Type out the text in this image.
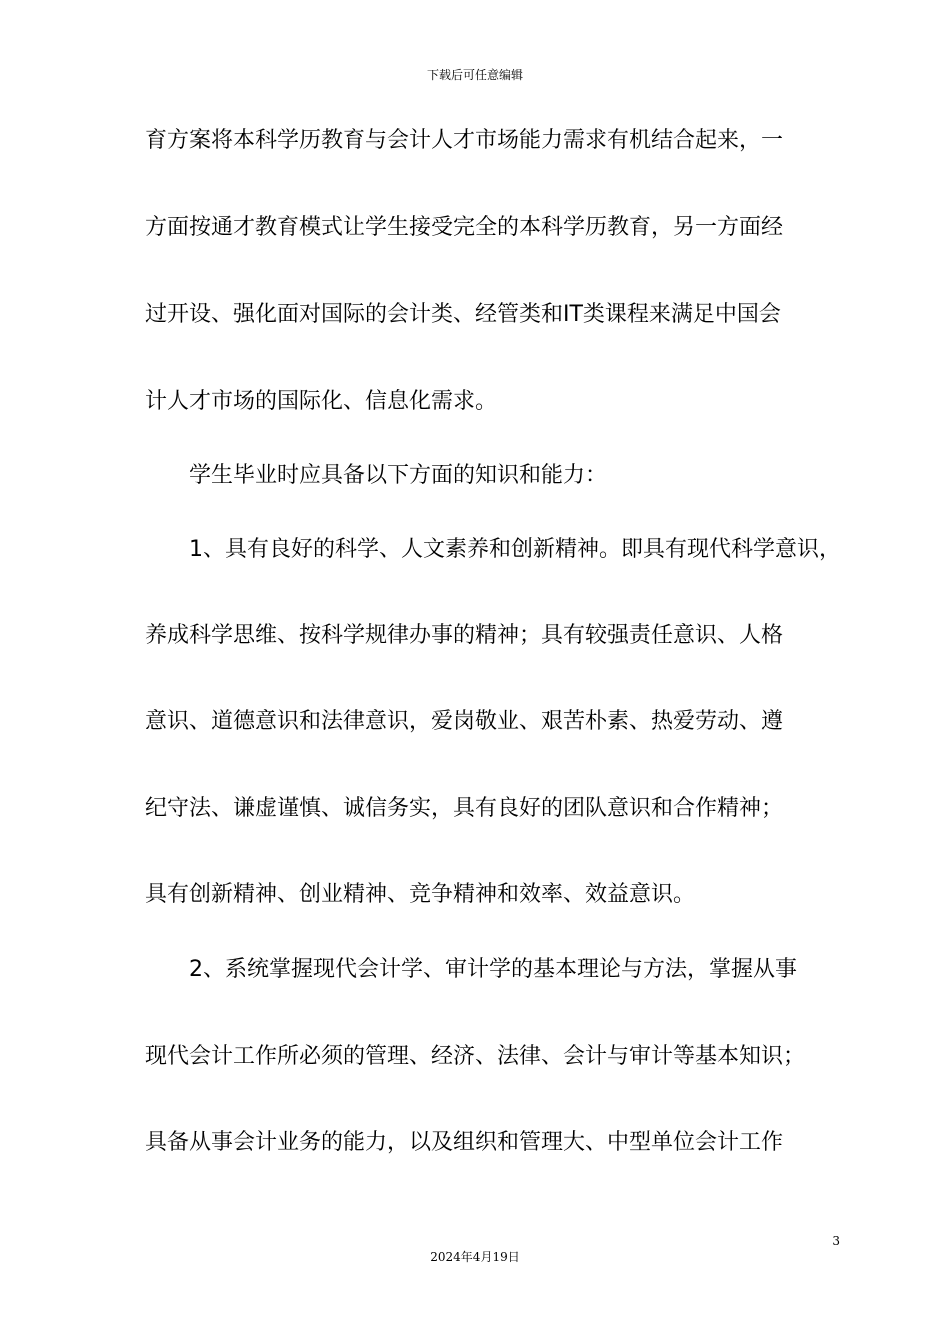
下载后可任意编辑
育方案将本科学历教育与会计人才市场能力需求有机结合起来，一
方面按通才教育模式让学生接受完全的本科学历教育，另一方面经
过开设、强化面对国际的会计类、经管类和IT类课程来满足中国会
计人才市场的国际化、信息化需求。
　　学生毕业时应具备以下方面的知识和能力：
　　1、具有良好的科学、人文素养和创新精神。即具有现代科学意识，
养成科学思维、按科学规律办事的精神；具有较强责任意识、人格
意识、道德意识和法律意识，爱岗敬业、艰苦朴素、热爱劳动、遵
纪守法、谦虚谨慎、诚信务实，具有良好的团队意识和合作精神；
具有创新精神、创业精神、竞争精神和效率、效益意识。
　　2、系统掌握现代会计学、审计学的基本理论与方法，掌握从事
现代会计工作所必须的管理、经济、法律、会计与审计等基本知识；
具备从事会计业务的能力，以及组织和管理大、中型单位会计工作
3
2024年4月19日
